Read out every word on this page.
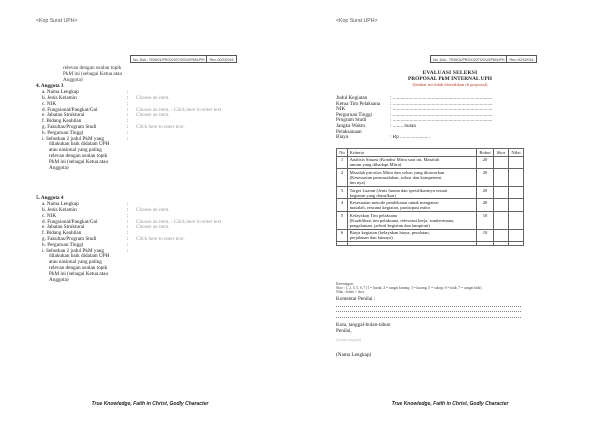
<Kop Surat UPH>
No. Dok.: TEM/01/PROX/2073/OUSPM/UPH	Rev.:00/22/016
relevan dengan usulan topik
PkM ini (sebagai Ketua atau
Anggota)
4. Anggota 3
a. Nama Lengkap	:
b. Jenis Kelamin	:	Choose an item.
c. NIK	:
d. Fungsional/Pangkat/Gol	:	Choose an item. - Click here to enter text.
e. Jabatan Struktural	:	Choose an item.
f. Bidang Keahlian	:
g. Fakultas/Program Studi	:	Click here to enter text.
h. Perguruan Tinggi	:
i. Sebutkan 2 judul PkM yang
dilakukan baik didalam UPH
atau nasional yang paling
relevan dengan usulan topik
PkM ini (sebagai Ketua atau
Anggota)
:
5. Anggota 4
a. Nama Lengkap	:
b. Jenis Kelamin	:	Choose an item.
c. NIK	:
d. Fungsional/Pangkat/Gol	:	Choose an item. - Click here to enter text.
e. Jabatan Struktural	:	Choose an item.
f. Bidang Keahlian	:
g. Fakultas/Program Studi	:	Click here to enter text.
h. Perguruan Tinggi	:
i. Sebutkan 2 judul PkM yang
dilakukan baik didalam UPH
atau nasional yang paling
relevan dengan usulan topik
PkM ini (sebagai Ketua atau
Anggota)
:
True Knowledge, Faith in Christ, Godly Character
<Kop Surat UPH>
No. Dok.: TEM/01/PROX/2073/OUSPM/UPH	Rev.:00/22/016
True Knowledge, Faith in Christ, Godly Character
EVALUASI SELEKSI
PROPOSAL PkM INTERNAL UPH
(lembar ini tidak diserahkan di proposal)
Judul Kegiatan	: .............................................................................
Ketua Tim Pelaksana	: .............................................................................
NIK	: .............................................................................
Perguruan Tinggi	: .............................................................................
Program Studi	: .............................................................................
Jangka Waktu Pelaksanaan
: ........ bulan
Biaya	: Rp .......................
No	Kriteria	Bobot	Skor	Nilai
1	Analisis Situasi (Kondisi Mitra saat ini, Masalah
umum yang dihadapi Mitra)	20		
2	Masalah prioritas Mitra dan solusi yang ditawarkan
(Kesesuaian permasalahan, solusi dan kompetensi
tim nya)	20		
3	Target Luaran (Jenis luaran dan spesifikasinya sesuai
kegiatan yang diusulkan)	20		
4	Kesesuaian metode pendekatan untuk mengatasi
masalah, rencana kegiatan, partisipasi mitra	20		
5	Kelayakan Tim pelaksana
(Kualifikasi tim pelaksana, relevansi kerja, sumbermana,
pengalaman, jadwal kegiatan dan lampiran)	10		
6	Biaya kegiatan (kelayakan biaya, peralatan,
perjalanan dan lainnya)	10		

Keterangan:
Skor : 1, 2, 3, 5, 6, 7 (1 = buruk; 2 = sangat kurang; 3 = kurang; 5 = cukup; 6 = baik; 7 = sangat baik)
Nilai : bobot × skor
Komentar Penilai :
Kota, tanggal-bulan-tahun
Penilai,
(tanda tangan)
(Nama Lengkap)
